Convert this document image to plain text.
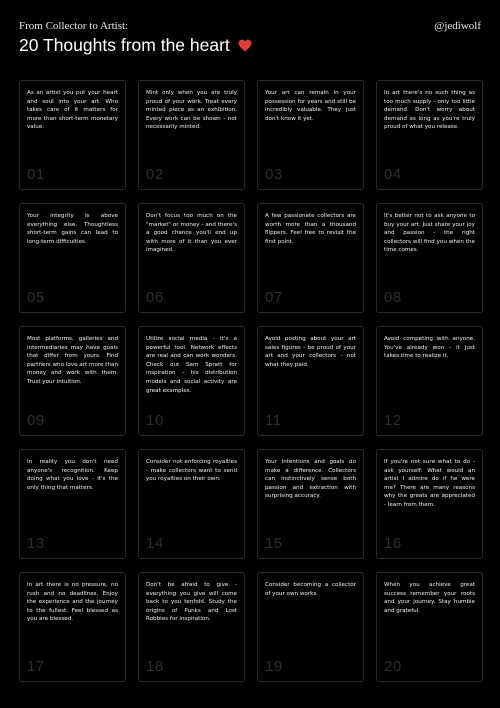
From Collector to Artist:	@jediwolf
20 Thoughts from the heart
As an artist you put your heart and soul into your art. Who takes care of it matters for more than short-term monetary value.
01
Mint only when you are truly proud of your work. Treat every minted piece as an exhibition. Every work can be shown - not necessarily minted.
02
Your art can remain in your possession for years and still be incredibly valuable. They just don't know it yet.
03
In art there's no such thing as too much supply - only too little demand. Don't worry about demand as long as you're truly proud of what you release.
04
Your integrity is above everything else. Thoughtless short-term gains can lead to long-term difficulties.
05
Don't focus too much on the "market" or money - and there's a good chance you'll end up with more of it than you ever imagined.
06
A few passionate collectors are worth more than a thousand flippers. Feel free to revisit the first point.
07
It's better not to ask anyone to buy your art. Just share your joy and passion - the right collectors will find you when the time comes.
08
Most platforms, galleries and intermediaries may have goals that differ from yours. Find partners who love art more than money and work with them. Trust your intuition.
09
Utilize social media - it's a powerful tool. Network effects are real and can work wonders. Check out Sam Spratt for inspiration - his distribution models and social activity are great examples.
10
Avoid posting about your art sales figures - be proud of your art and your collectors - not what they paid.
11
Avoid competing with anyone. You've already won - it just takes time to realize it.
12
In reality you don't need anyone's recognition. Keep doing what you love - it's the only thing that matters.
13
Consider not enforcing royalties - make collectors want to send you royalties on their own.
14
Your intentions and goals do make a difference. Collectors can instinctively sense both passion and extraction with surprising accuracy.
15
If you're not sure what to do - ask yourself: What would an artist I admire do if he were me? There are many reasons why the greats are appreciated - learn from them.
16
In art there is no pressure, no rush and no deadlines. Enjoy the experience and the journey to the fullest. Feel blessed as you are blessed.
17
Don't be afraid to give - everything you give will come back to you tenfold. Study the origins of Punks and Lost Robbies for inspiration.
18
Consider becoming a collector of your own works.
19
When you achieve great success remember your roots and your journey. Stay humble and grateful.
20
